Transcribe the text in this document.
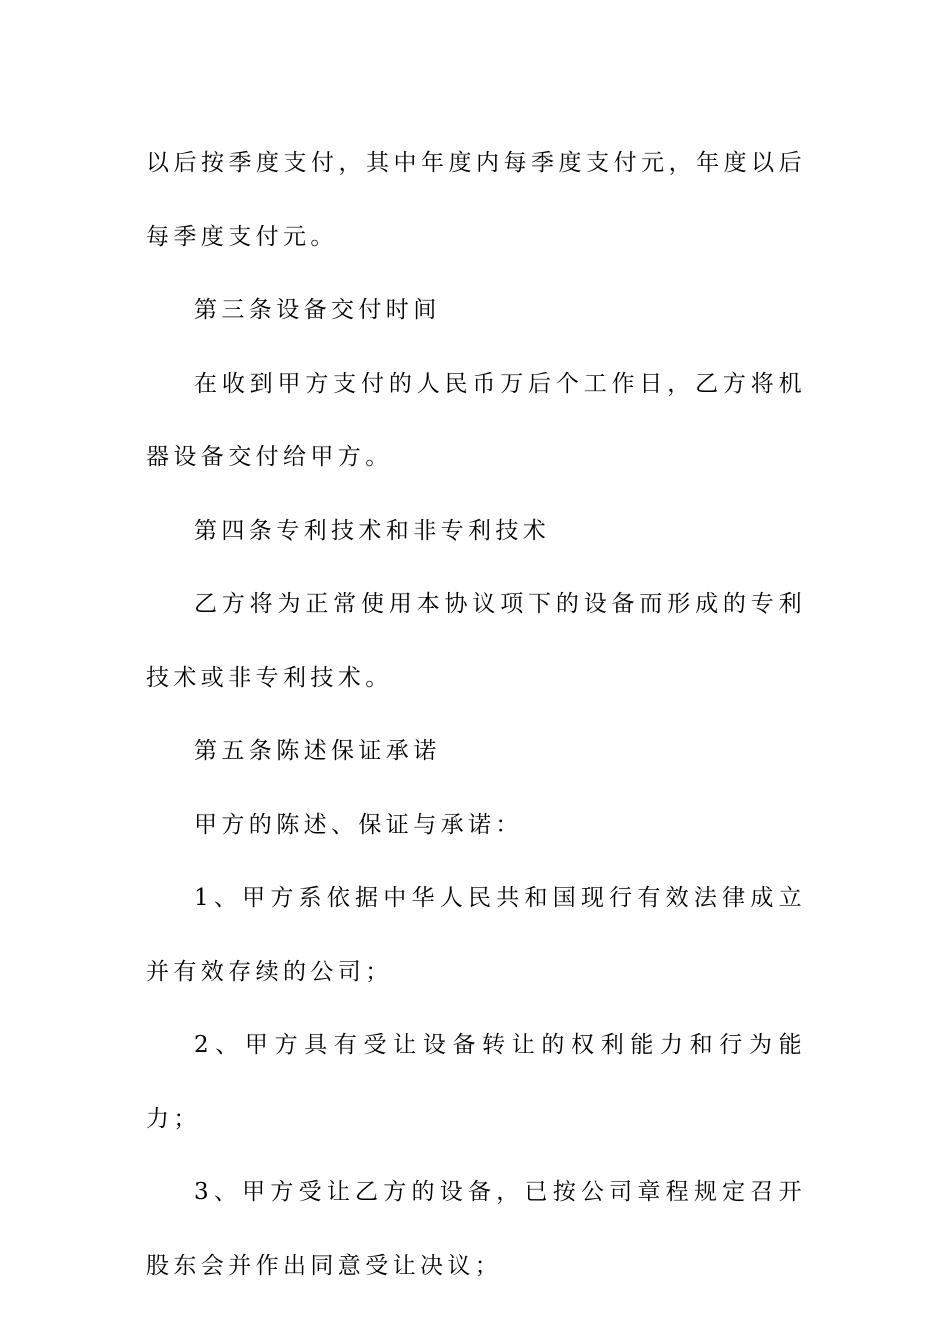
以后按季度支付，其中年度内每季度支付元，年度以后每季度支付元。

第三条设备交付时间

在收到甲方支付的人民币万后个工作日，乙方将机器设备交付给甲方。

第四条专利技术和非专利技术

乙方将为正常使用本协议项下的设备而形成的专利技术或非专利技术。

第五条陈述保证承诺

甲方的陈述、保证与承诺：

1、甲方系依据中华人民共和国现行有效法律成立并有效存续的公司；

2、甲方具有受让设备转让的权利能力和行为能力；

3、甲方受让乙方的设备，已按公司章程规定召开股东会并作出同意受让决议；
